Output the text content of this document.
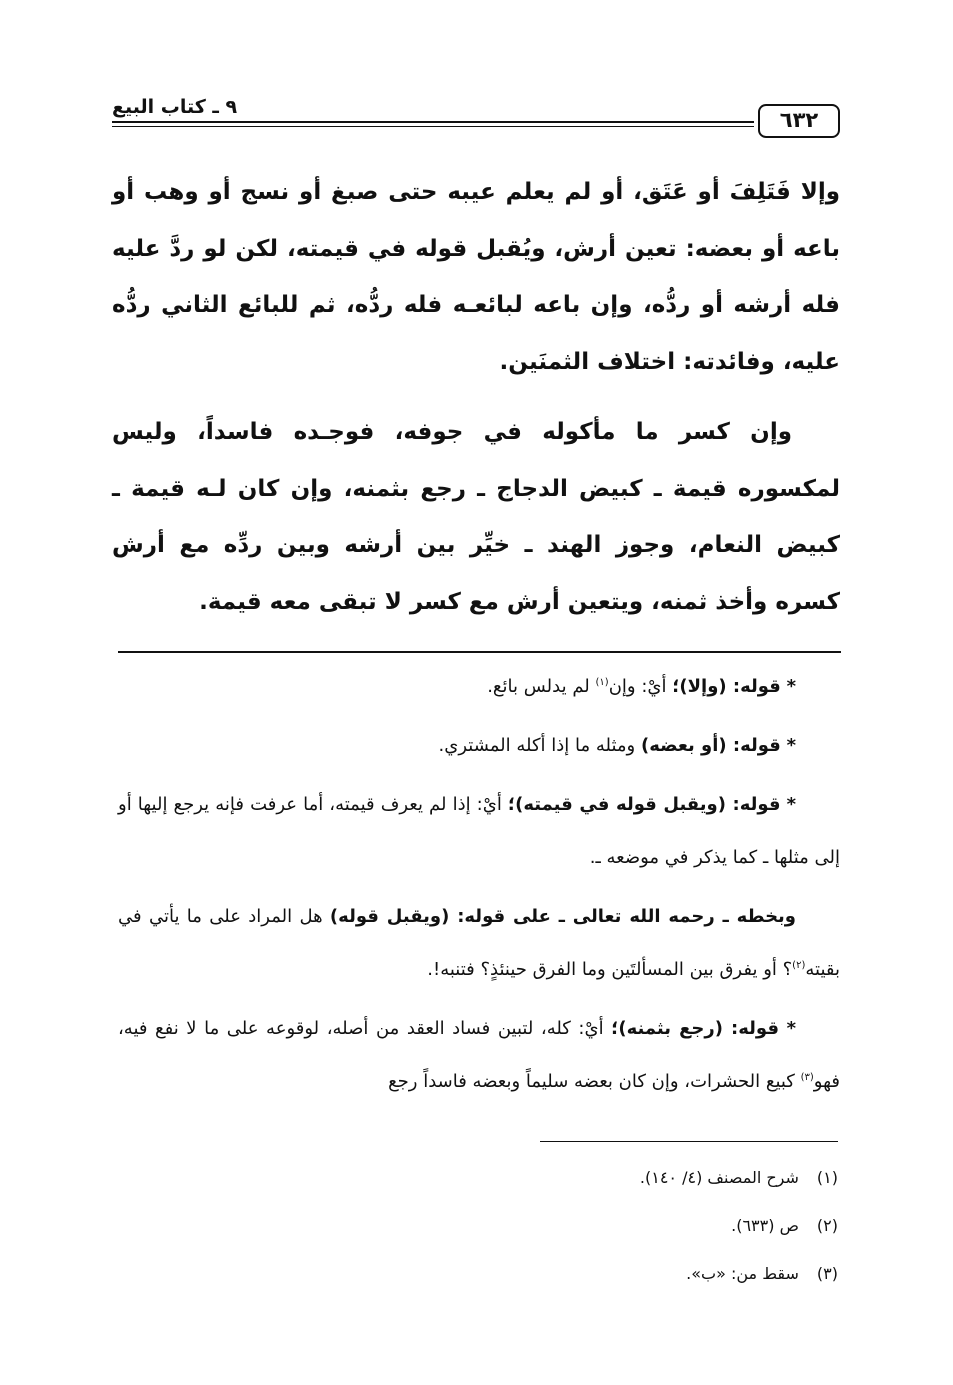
٦٣٢
٩ ـ كتاب البيع

وإلا فَتَلِفَ أو عَتَق، أو لم يعلم عيبه حتى صبغ أو نسج أو وهب أو باعه أو بعضه: تعين أرش، ويُقبل قوله في قيمته، لكن لو ردَّ عليه فله أرشه أو ردُّه، وإن باعه لبائعـه فله ردُّه، ثم للبائع الثاني ردُّه عليه، وفائدته: اختلاف الثمنَين.

وإن كسر ما مأكوله في جوفه، فوجـده فاسداً، وليس لمكسوره قيمة ـ كبيض الدجاج ـ رجع بثمنه، وإن كان لـه قيمة ـ كبيض النعام، وجوز الهند ـ خيِّر بين أرشه وبين ردِّه مع أرش كسره وأخذ ثمنه، ويتعين أرش مع كسر لا تبقى معه قيمة.

* قوله: (وإلا)؛ أيْ: وإن$^{(١)}$ لم يدلس بائع.

* قوله: (أو بعضه) ومثله ما إذا أكله المشتري.

* قوله: (ويقبل قوله في قيمته)؛ أيْ: إذا لم يعرف قيمته، أما عرفت فإنه يرجع إليها أو إلى مثلها ـ كما يذكر في موضعه ـ.

وبخطه ـ رحمه الله تعالى ـ على قوله: (ويقبل قوله) هل المراد على ما يأتي في بقيته$^{(٢)}$؟ أو يفرق بين المسألتَين وما الفرق حينئذٍ؟ فتنبه!.

* قوله: (رجع بثمنه)؛ أيْ: كله، لتبين فساد العقد من أصله، لوقوعه على ما لا نفع فيه، فهو$^{(٣)}$ كبيع الحشرات، وإن كان بعضه سليماً وبعضه فاسداً رجع

(١) شرح المصنف (٤/ ١٤٠).
(٢) ص (٦٣٣).
(٣) سقط من: «ب».
